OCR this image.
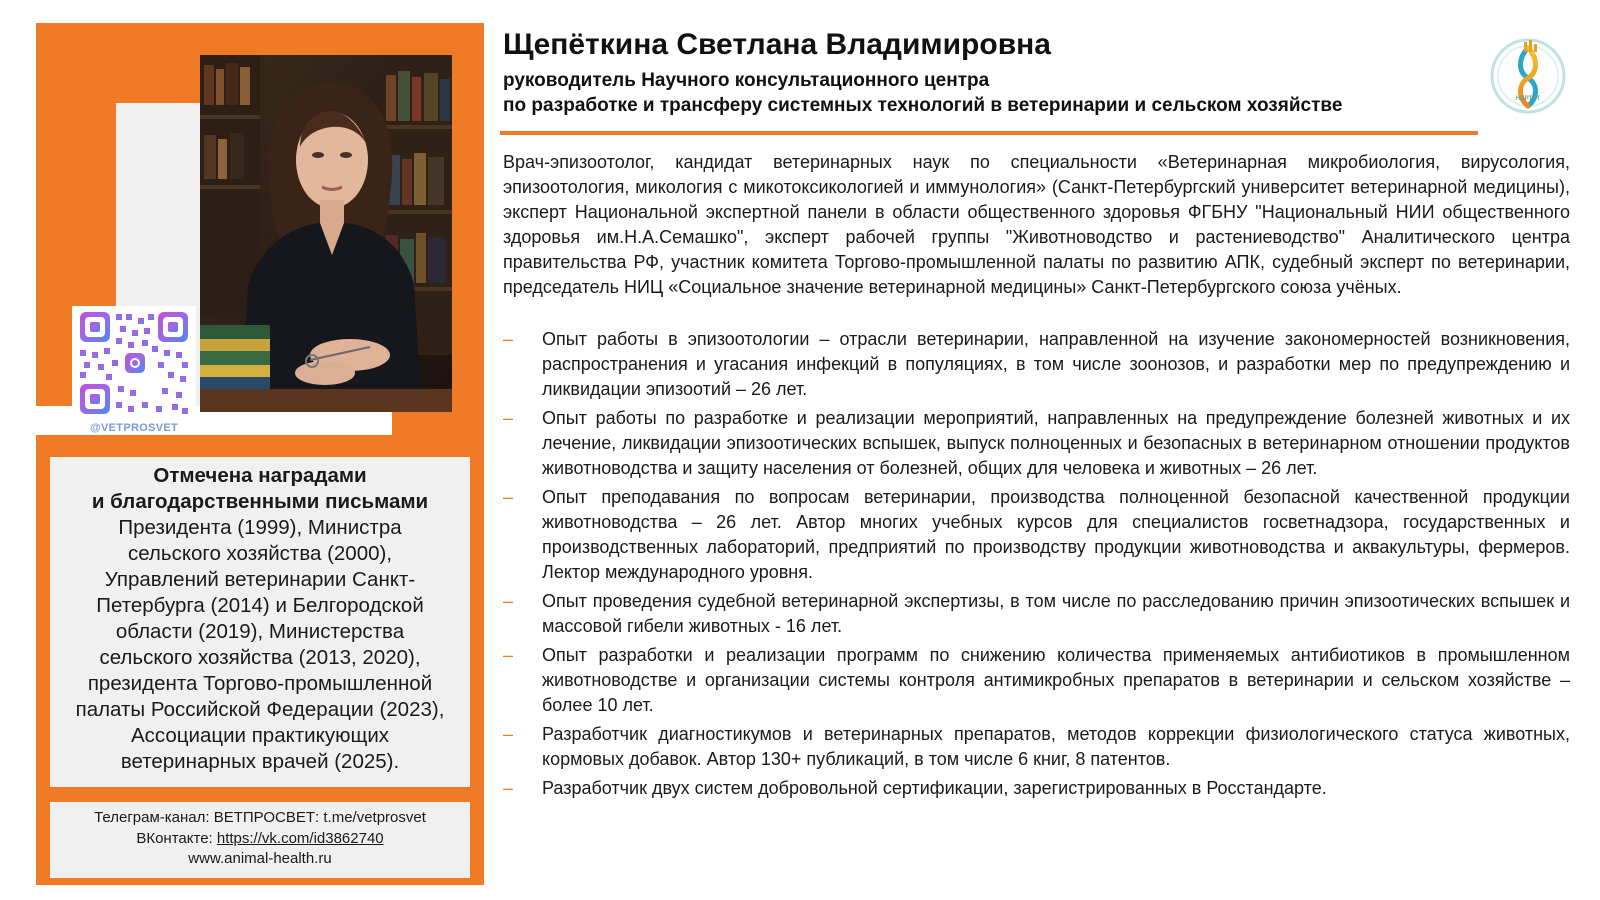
@VETPROSVET
Отмечена наградами
и благодарственными письмами
Президента (1999), Министра
сельского хозяйства (2000),
Управлений ветеринарии Санкт-
Петербурга (2014) и Белгородской
области (2019), Министерства
сельского хозяйства (2013, 2020),
президента Торгово-промышленной
палаты Российской Федерации (2023),
Ассоциации практикующих
ветеринарных врачей (2025).
Телеграм-канал: ВЕТПРОСВЕТ: t.me/vetprosvet
ВКонтакте: https://vk.com/id3862740
www.animal-health.ru
Щепёткина Светлана Владимировна
руководитель Научного консультационного центра
по разработке и трансферу системных технологий в ветеринарии и сельском хозяйстве	НЦРТСТ
Врач-эпизоотолог, кандидат ветеринарных наук по специальности «Ветеринарная микробиология, вирусология, эпизоотология, микология с микотоксикологией и иммунология» (Санкт-Петербургский университет ветеринарной медицины), эксперт Национальной экспертной панели в области общественного здоровья ФГБНУ "Национальный НИИ общественного здоровья им.Н.А.Семашко", эксперт рабочей группы "Животноводство и растениеводство" Аналитического центра правительства РФ, участник комитета Торгово-промышленной палаты по развитию АПК, судебный эксперт по ветеринарии, председатель НИЦ «Социальное значение ветеринарной медицины» Санкт-Петербургского союза учёных.
– Опыт работы в эпизоотологии – отрасли ветеринарии, направленной на изучение закономерностей возникновения, распространения и угасания инфекций в популяциях, в том числе зоонозов, и разработки мер по предупреждению и ликвидации эпизоотий – 26 лет.
– Опыт работы по разработке и реализации мероприятий, направленных на предупреждение болезней животных и их лечение, ликвидации эпизоотических вспышек, выпуск полноценных и безопасных в ветеринарном отношении продуктов животноводства и защиту населения от болезней, общих для человека и животных – 26 лет.
– Опыт преподавания по вопросам ветеринарии, производства полноценной безопасной качественной продукции животноводства – 26 лет. Автор многих учебных курсов для специалистов госветнадзора, государственных и производственных лабораторий, предприятий по производству продукции животноводства и аквакультуры, фермеров. Лектор международного уровня.
– Опыт проведения судебной ветеринарной экспертизы, в том числе по расследованию причин эпизоотических вспышек и массовой гибели животных - 16 лет.
– Опыт разработки и реализации программ по снижению количества применяемых антибиотиков в промышленном животноводстве и организации системы контроля антимикробных препаратов в ветеринарии и сельском хозяйстве – более 10 лет.
– Разработчик диагностикумов и ветеринарных препаратов, методов коррекции физиологического статуса животных, кормовых добавок. Автор 130+ публикаций, в том числе 6 книг, 8 патентов.
– Разработчик двух систем добровольной сертификации, зарегистрированных в Росстандарте.
